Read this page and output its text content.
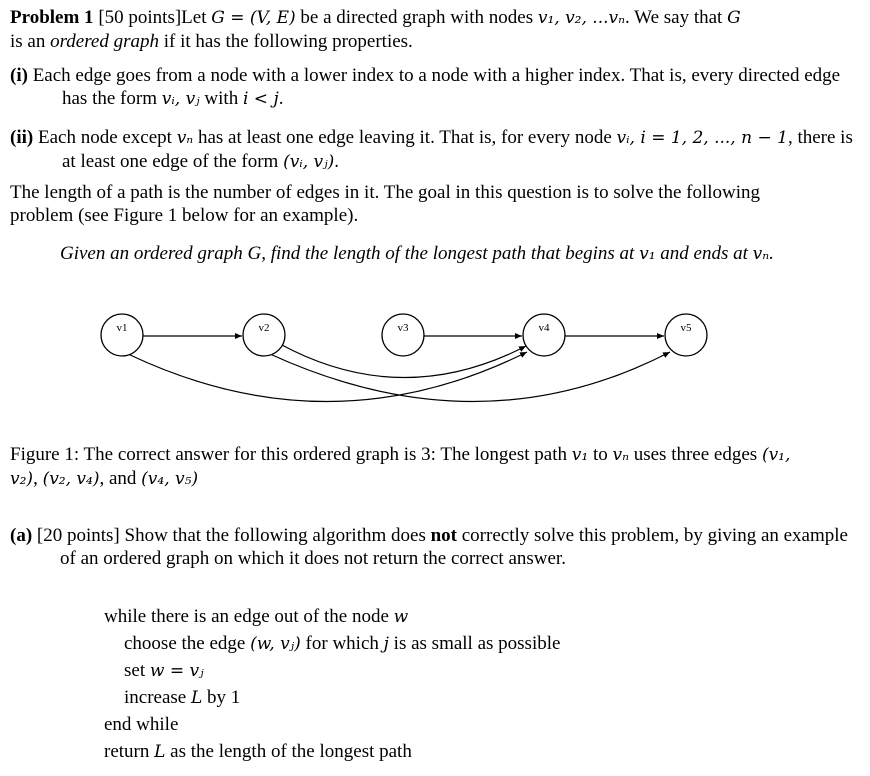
Problem 1 [50 points]Let G = (V, E) be a directed graph with nodes v₁, v₂, ...vₙ. We say that G
is an ordered graph if it has the following properties.
(i) Each edge goes from a node with a lower index to a node with a higher index. That is, every directed edge has the form vᵢ, vⱼ with i < j.
(ii) Each node except vₙ has at least one edge leaving it. That is, for every node vᵢ, i = 1, 2, ..., n − 1, there is at least one edge of the form (vᵢ, vⱼ).
The length of a path is the number of edges in it. The goal in this question is to solve the following problem (see Figure 1 below for an example).
Given an ordered graph G, find the length of the longest path that begins at v₁ and ends at vₙ.
v1	v2	v3	v4	v5
Figure 1: The correct answer for this ordered graph is 3: The longest path v₁ to vₙ uses three edges (v₁, v₂), (v₂, v₄), and (v₄, v₅)
(a) [20 points] Show that the following algorithm does not correctly solve this problem, by giving an example of an ordered graph on which it does not return the correct answer.
while there is an edge out of the node w
choose the edge (w, vⱼ) for which j is as small as possible
set w = vⱼ
increase L by 1
end while
return L as the length of the longest path
